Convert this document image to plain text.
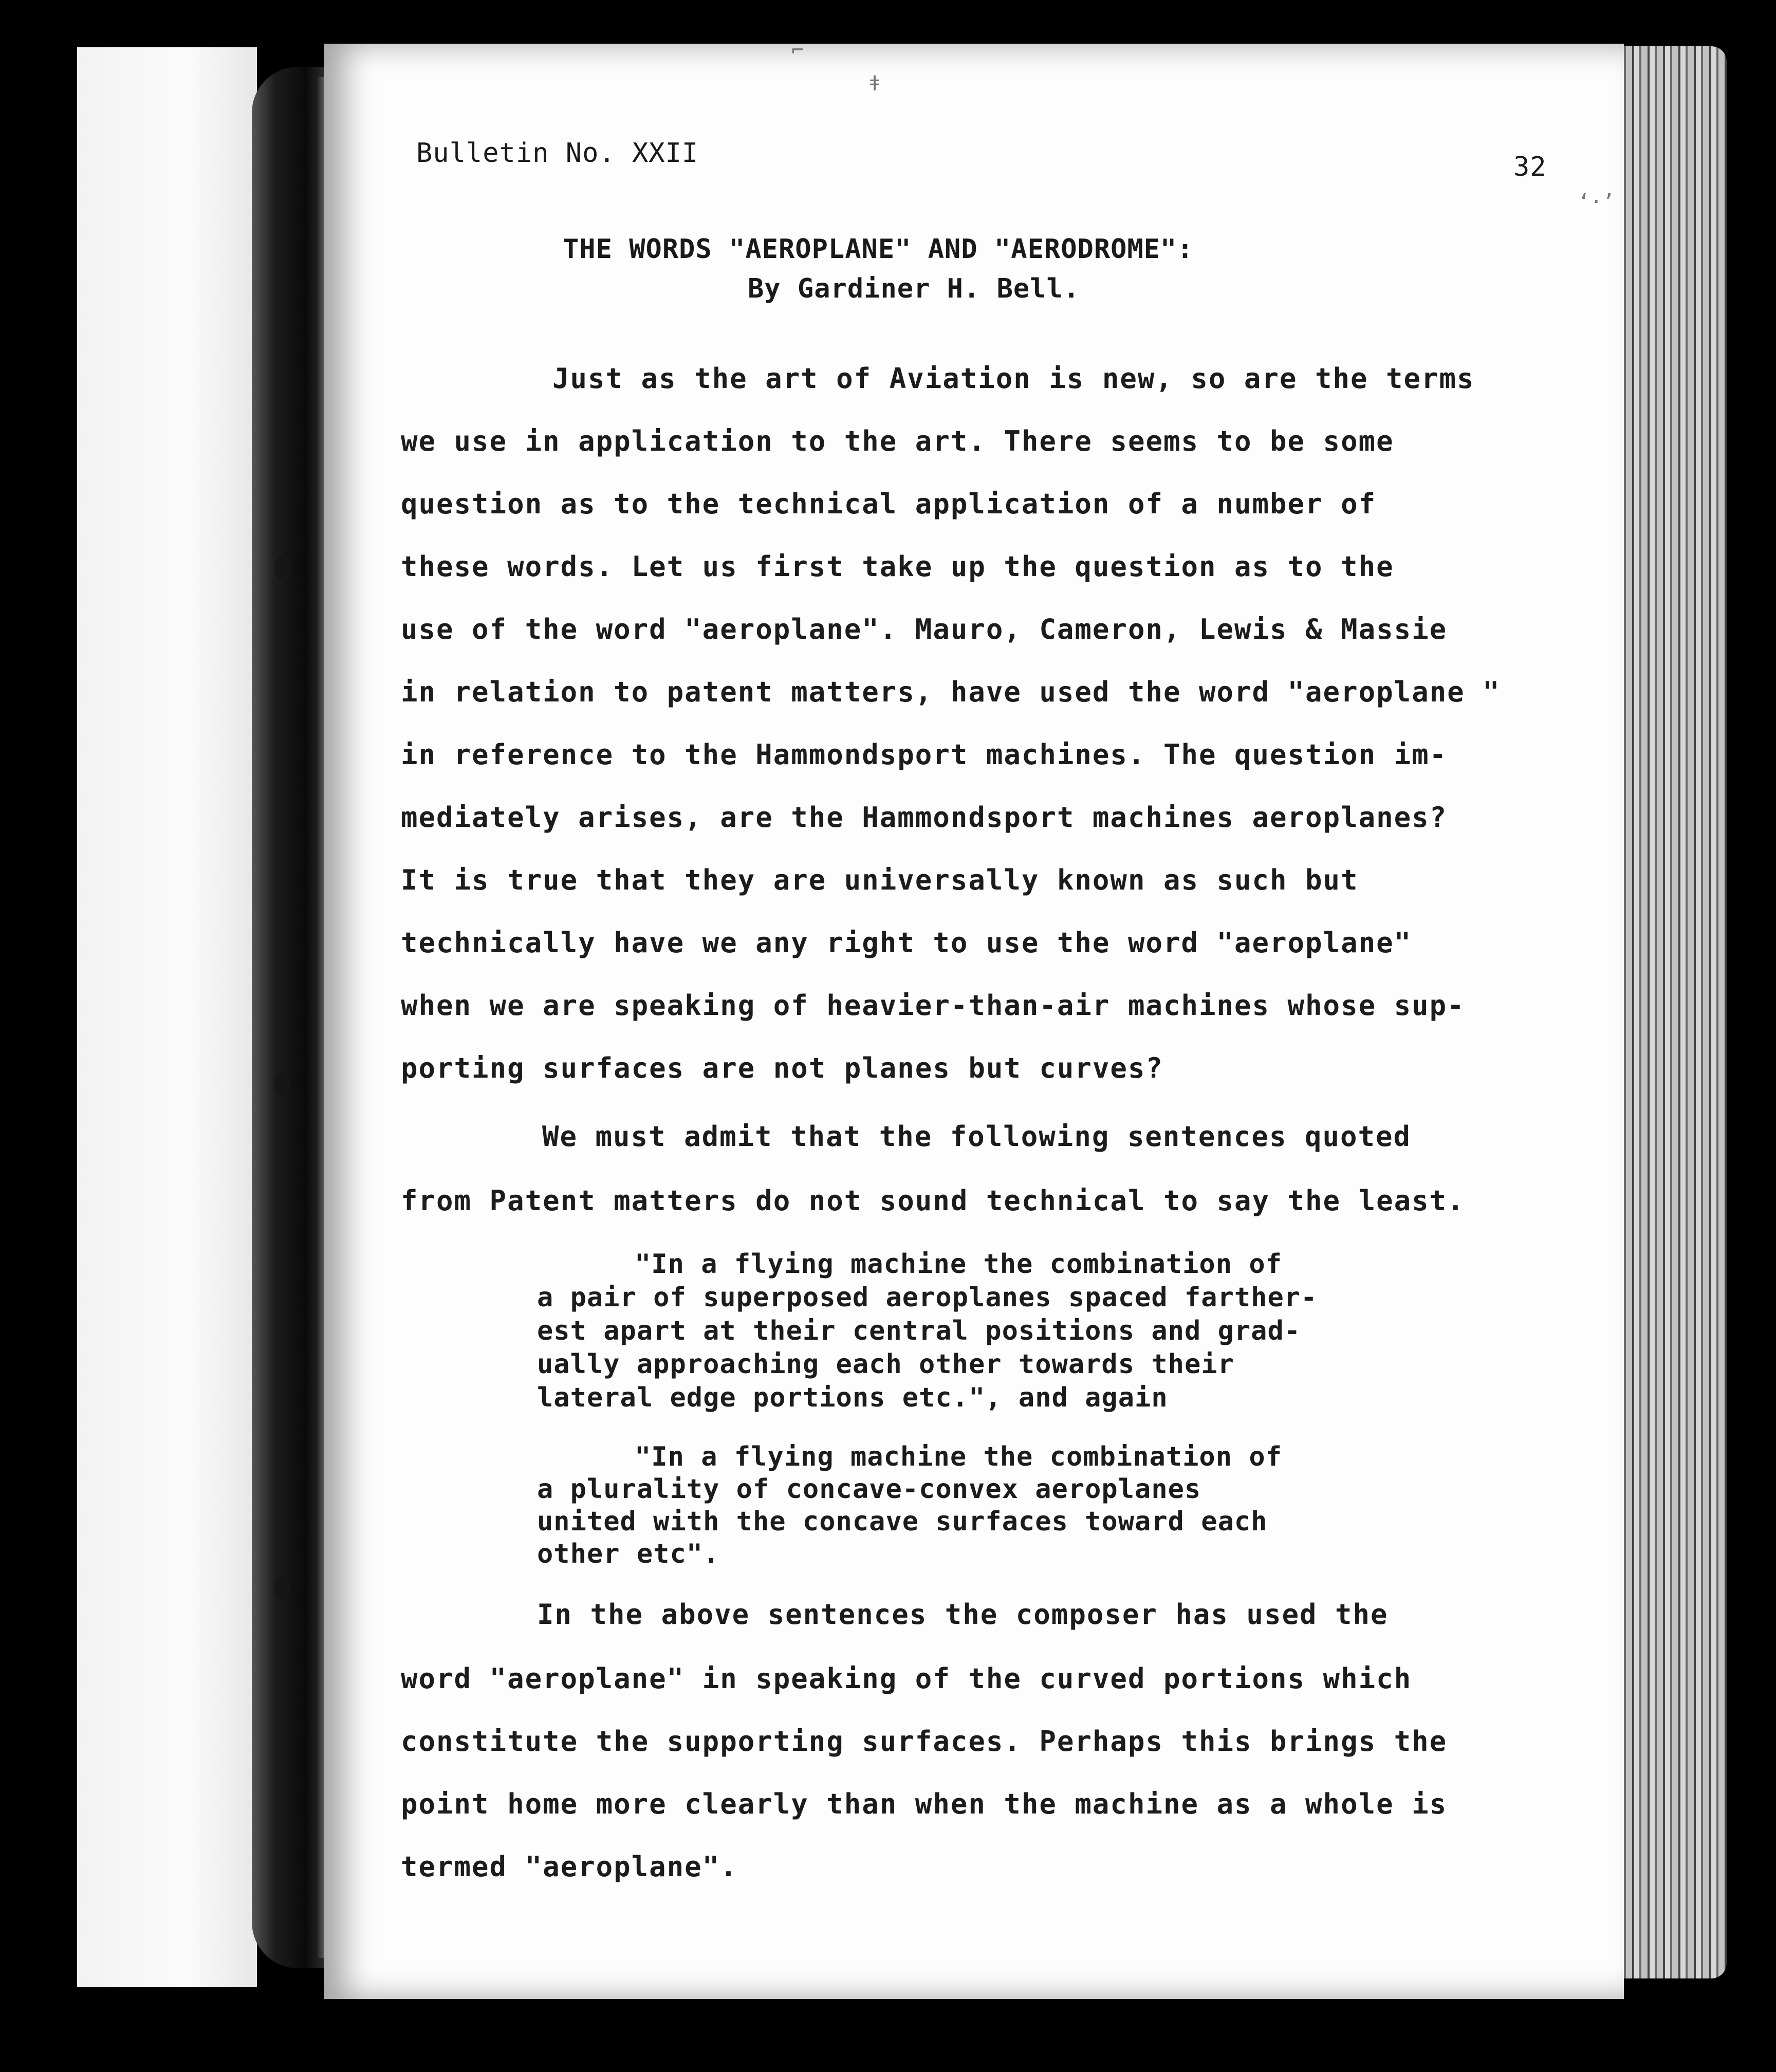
⌐
ǂ
ʻ·ʼ
Bulletin No. XXII	32
THE WORDS "AEROPLANE" AND "AERODROME":
By Gardiner H. Bell.
Just as the art of Aviation is new, so are the terms
we use in application to the art. There seems to be some
question as to the technical application of a number of
these words. Let us first take up the question as to the
use of the word "aeroplane". Mauro, Cameron, Lewis & Massie
in relation to patent matters, have used the word "aeroplane "
in reference to the Hammondsport machines. The question im-
mediately arises, are the Hammondsport machines aeroplanes?
It is true that they are universally known as such but
technically have we any right to use the word "aeroplane"
when we are speaking of heavier-than-air machines whose sup-
porting surfaces are not planes but curves?
We must admit that the following sentences quoted
from Patent matters do not sound technical to say the least.
"In a flying machine the combination of
a pair of superposed aeroplanes spaced farther-
est apart at their central positions and grad-
ually approaching each other towards their
lateral edge portions etc.", and again
"In a flying machine the combination of
a plurality of concave-convex aeroplanes
united with the concave surfaces toward each
other etc".
In the above sentences the composer has used the
word "aeroplane" in speaking of the curved portions which
constitute the supporting surfaces. Perhaps this brings the
point home more clearly than when the machine as a whole is
termed "aeroplane".
